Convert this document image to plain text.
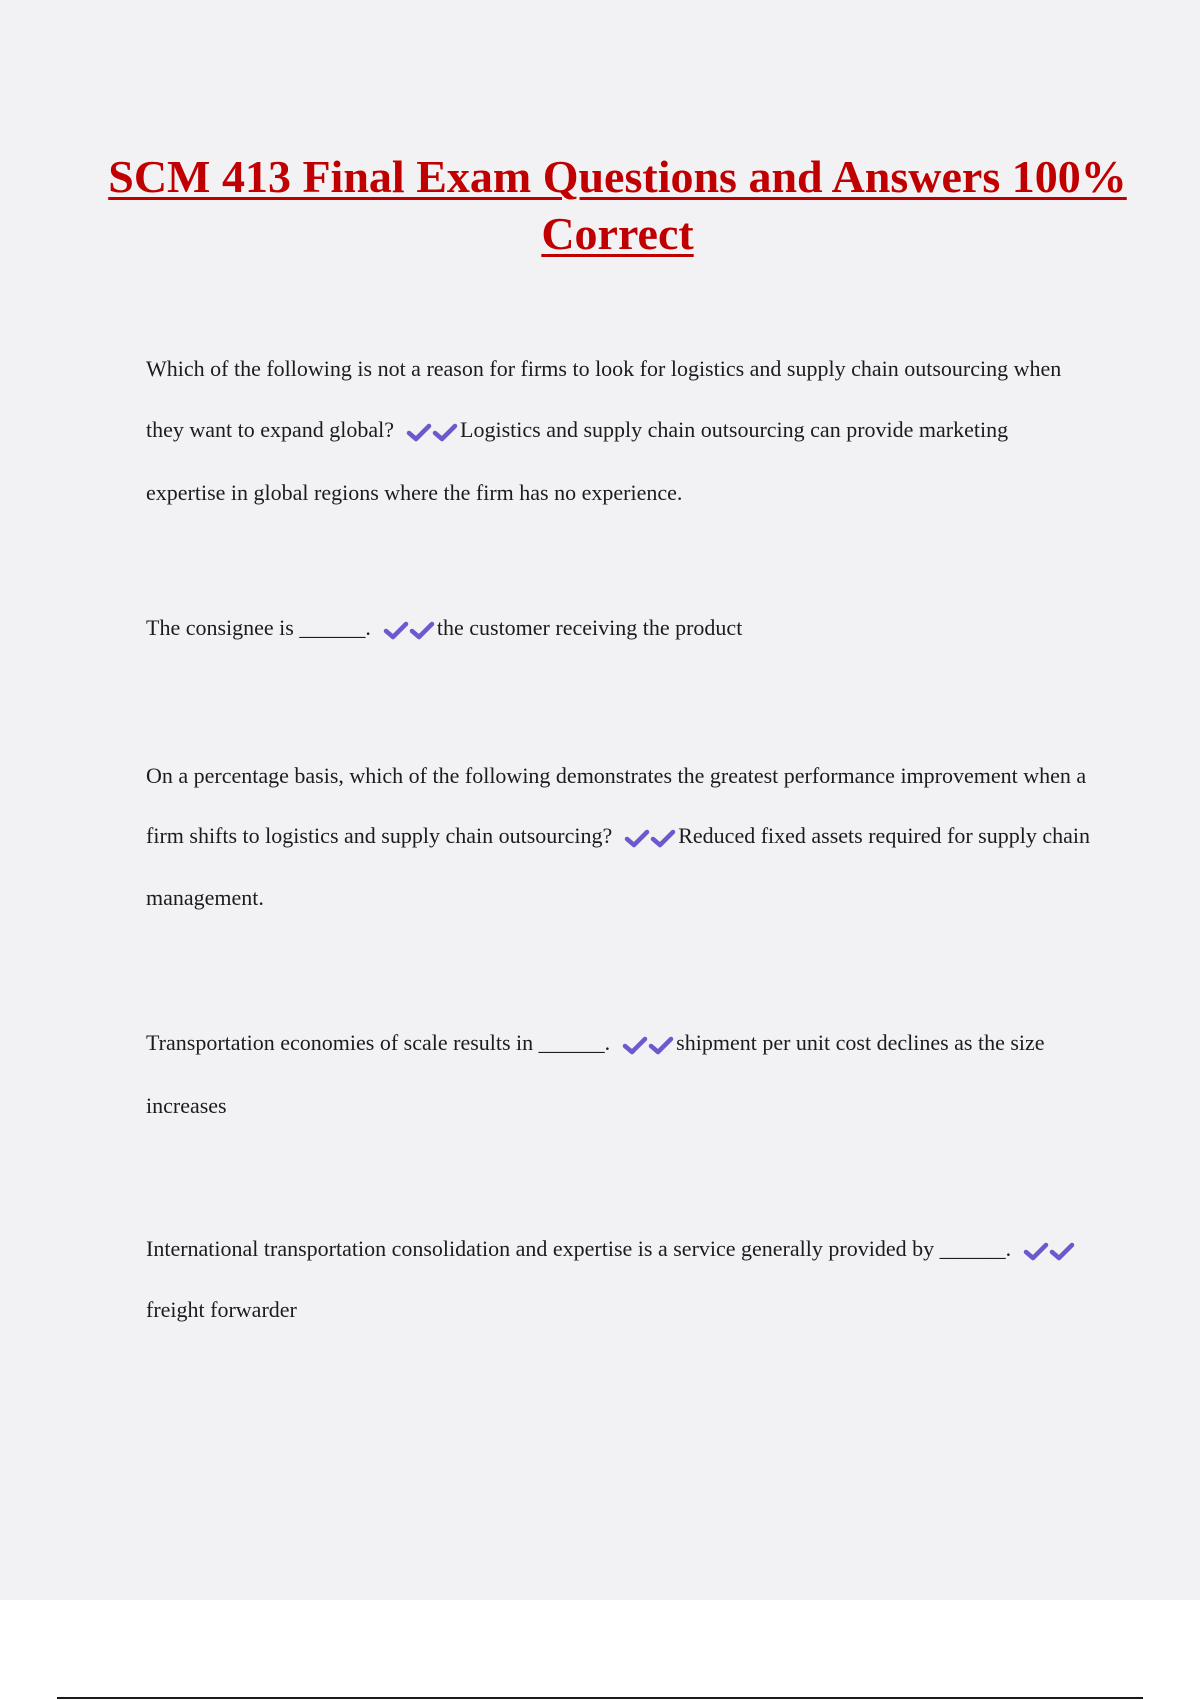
SCM 413 Final Exam Questions and Answers 100% Correct
Which of the following is not a reason for firms to look for logistics and supply chain outsourcing when they want to expand global?	Logistics and supply chain outsourcing can provide marketing expertise in global regions where the firm has no experience.
The consignee is ______.	the customer receiving the product
On a percentage basis, which of the following demonstrates the greatest performance improvement when a firm shifts to logistics and supply chain outsourcing?	Reduced fixed assets required for supply chain management.
Transportation economies of scale results in ______.	shipment per unit cost declines as the size increases
International transportation consolidation and expertise is a service generally provided by ______.
freight forwarder
